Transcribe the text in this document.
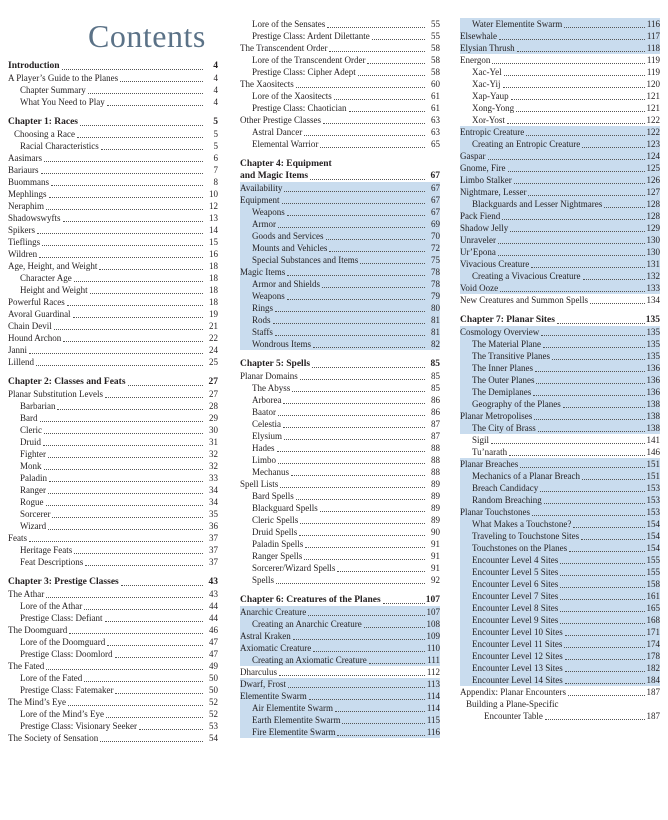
Contents
Introduction	4
A Player’s Guide to the Planes	4
Chapter Summary	4
What You Need to Play	4
Chapter 1: Races	5
Choosing a Race	5
Racial Characteristics	5
Aasimars	6
Bariaurs	7
Buommans	8
Mephlings	10
Neraphim	12
Shadowswyfts	13
Spikers	14
Tieflings	15
Wildren	16
Age, Height, and Weight	18
Character Age	18
Height and Weight	18
Powerful Races	18
Avoral Guardinal	19
Chain Devil	21
Hound Archon	22
Janni	24
Lillend	25
Chapter 2: Classes and Feats	27
Planar Substitution Levels	27
Barbarian	28
Bard	29
Cleric	30
Druid	31
Fighter	32
Monk	32
Paladin	33
Ranger	34
Rogue	34
Sorcerer	35
Wizard	36
Feats	37
Heritage Feats	37
Feat Descriptions	37
Chapter 3: Prestige Classes	43
The Athar	43
Lore of the Athar	44
Prestige Class: Defiant	44
The Doomguard	46
Lore of the Doomguard	47
Prestige Class: Doomlord	47
The Fated	49
Lore of the Fated	50
Prestige Class: Fatemaker	50
The Mind’s Eye	52
Lore of the Mind’s Eye	52
Prestige Class: Visionary Seeker	53
The Society of Sensation	54
Lore of the Sensates	55
Prestige Class: Ardent Dilettante	55
The Transcendent Order	58
Lore of the Transcendent Order	58
Prestige Class: Cipher Adept	58
The Xaositects	60
Lore of the Xaositects	61
Prestige Class: Chaotician	61
Other Prestige Classes	63
Astral Dancer	63
Elemental Warrior	65
Chapter 4: Equipment
and Magic Items	67
Availability	67
Equipment	67
Weapons	67
Armor	69
Goods and Services	70
Mounts and Vehicles	72
Special Substances and Items	75
Magic Items	78
Armor and Shields	78
Weapons	79
Rings	80
Rods	81
Staffs	81
Wondrous Items	82
Chapter 5: Spells	85
Planar Domains	85
The Abyss	85
Arborea	86
Baator	86
Celestia	87
Elysium	87
Hades	88
Limbo	88
Mechanus	88
Spell Lists	89
Bard Spells	89
Blackguard Spells	89
Cleric Spells	89
Druid Spells	90
Paladin Spells	91
Ranger Spells	91
Sorcerer/Wizard Spells	91
Spells	92
Chapter 6: Creatures of the Planes	107
Anarchic Creature	107
Creating an Anarchic Creature	108
Astral Kraken	109
Axiomatic Creature	110
Creating an Axiomatic Creature	111
Dharculus	112
Dwarf, Frost	113
Elementite Swarm	114
Air Elementite Swarm	114
Earth Elementite Swarm	115
Fire Elementite Swarm	116
Water Elementite Swarm	116
Elsewhale	117
Elysian Thrush	118
Energon	119
Xac-Yel	119
Xac-Yij	120
Xap-Yaup	121
Xong-Yong	121
Xor-Yost	122
Entropic Creature	122
Creating an Entropic Creature	123
Gaspar	124
Gnome, Fire	125
Limbo Stalker	126
Nightmare, Lesser	127
Blackguards and Lesser Nightmares	128
Pack Fiend	128
Shadow Jelly	129
Unraveler	130
Ur’Epona	130
Vivacious Creature	131
Creating a Vivacious Creature	132
Void Ooze	133
New Creatures and Summon Spells	134
Chapter 7: Planar Sites	135
Cosmology Overview	135
The Material Plane	135
The Transitive Planes	135
The Inner Planes	136
The Outer Planes	136
The Demiplanes	136
Geography of the Planes	138
Planar Metropolises	138
The City of Brass	138
Sigil	141
Tu’narath	146
Planar Breaches	151
Mechanics of a Planar Breach	151
Breach Candidacy	153
Random Breaching	153
Planar Touchstones	153
What Makes a Touchstone?	154
Traveling to Touchstone Sites	154
Touchstones on the Planes	154
Encounter Level 4 Sites	155
Encounter Level 5 Sites	155
Encounter Level 6 Sites	158
Encounter Level 7 Sites	161
Encounter Level 8 Sites	165
Encounter Level 9 Sites	168
Encounter Level 10 Sites	171
Encounter Level 11 Sites	174
Encounter Level 12 Sites	178
Encounter Level 13 Sites	182
Encounter Level 14 Sites	184
Appendix: Planar Encounters	187
Building a Plane-Specific
Encounter Table	187
